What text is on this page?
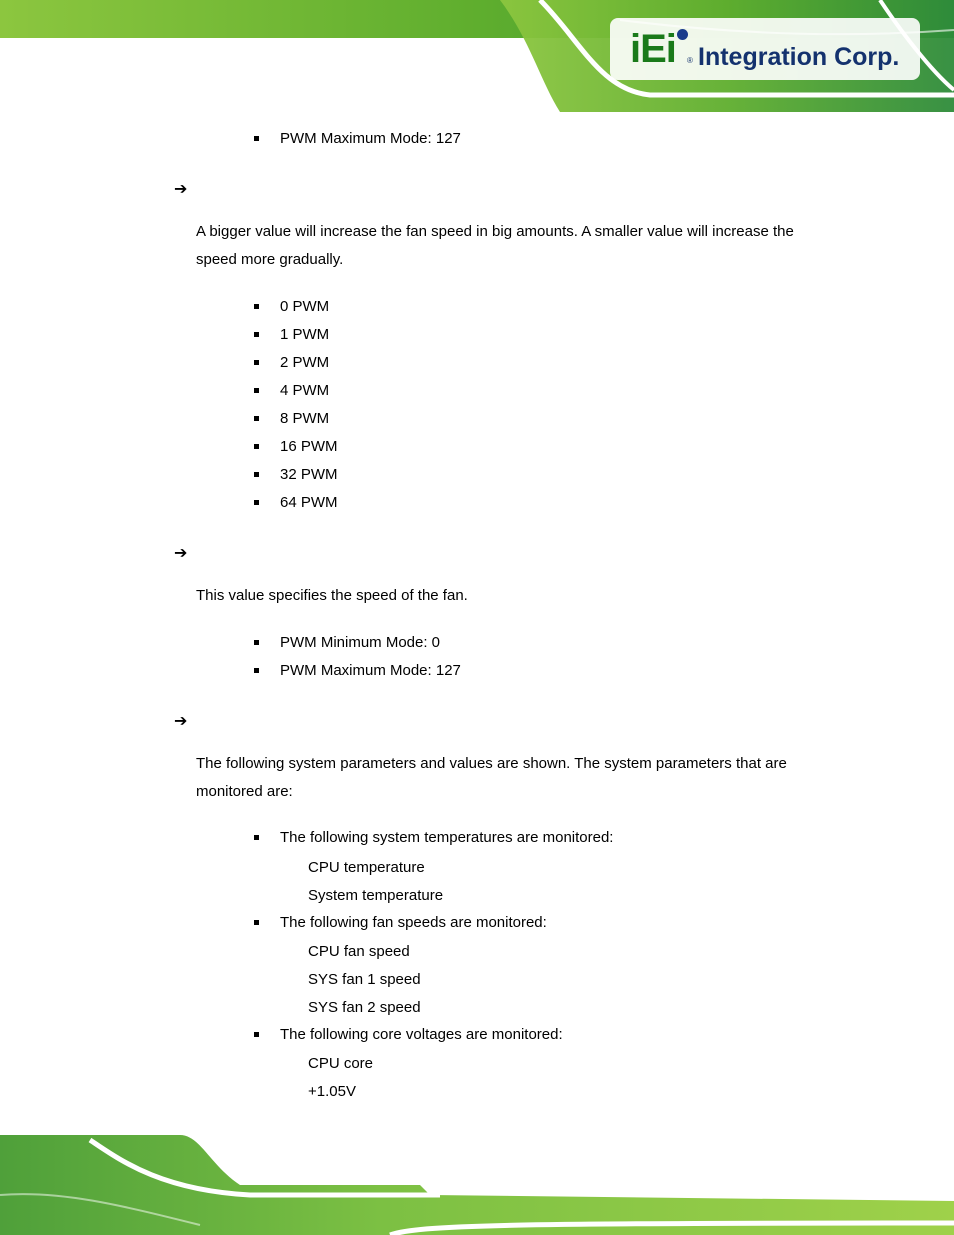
iEi ® Integration Corp.
PWM Maximum Mode: 127
➔
A bigger value will increase the fan speed in big amounts. A smaller value will increase the speed more gradually.
0 PWM
1 PWM
2 PWM
4 PWM
8 PWM
16 PWM
32 PWM
64 PWM
➔
This value specifies the speed of the fan.
PWM Minimum Mode: 0
PWM Maximum Mode: 127
➔
The following system parameters and values are shown. The system parameters that are monitored are:
The following system temperatures are monitored:
CPU temperature
System temperature
The following fan speeds are monitored:
CPU fan speed
SYS fan 1 speed
SYS fan 2 speed
The following core voltages are monitored:
CPU core
+1.05V
